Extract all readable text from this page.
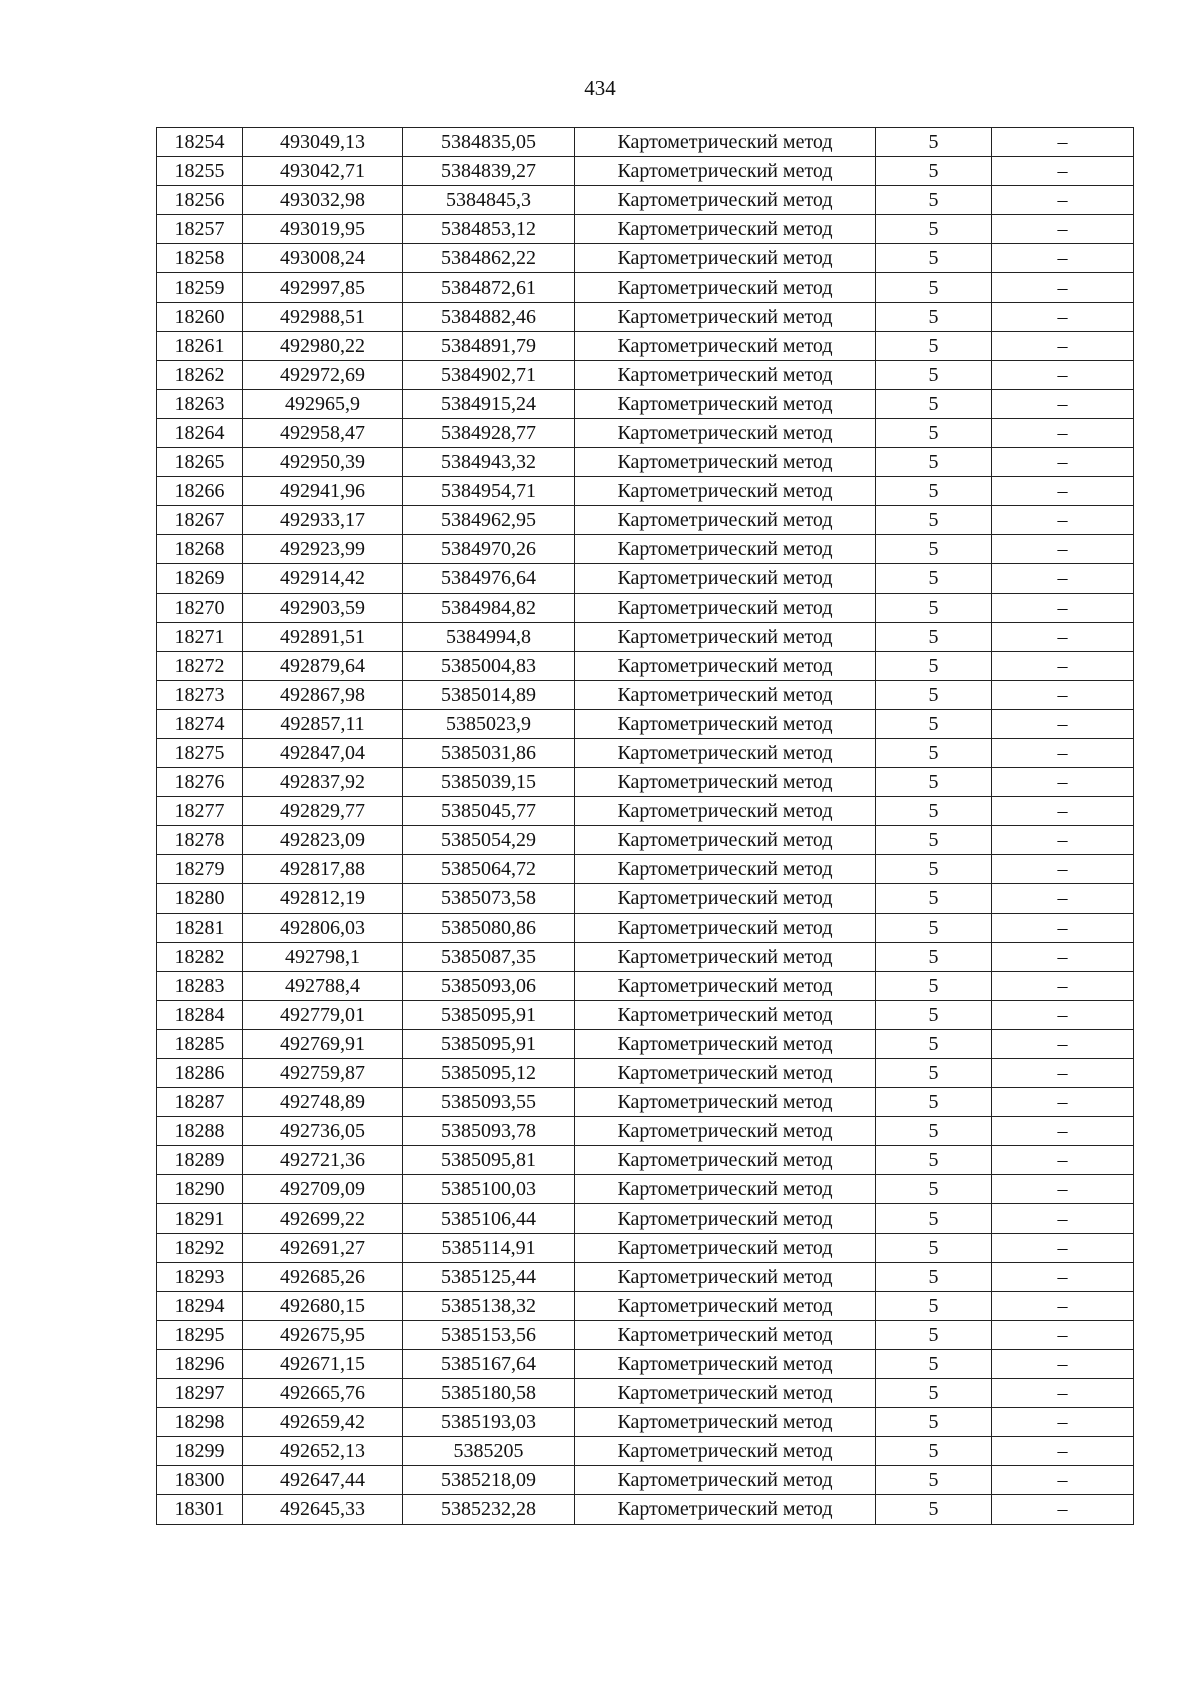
434
18254	493049,13	5384835,05	Картометрический метод	5	–
18255	493042,71	5384839,27	Картометрический метод	5	–
18256	493032,98	5384845,3	Картометрический метод	5	–
18257	493019,95	5384853,12	Картометрический метод	5	–
18258	493008,24	5384862,22	Картометрический метод	5	–
18259	492997,85	5384872,61	Картометрический метод	5	–
18260	492988,51	5384882,46	Картометрический метод	5	–
18261	492980,22	5384891,79	Картометрический метод	5	–
18262	492972,69	5384902,71	Картометрический метод	5	–
18263	492965,9	5384915,24	Картометрический метод	5	–
18264	492958,47	5384928,77	Картометрический метод	5	–
18265	492950,39	5384943,32	Картометрический метод	5	–
18266	492941,96	5384954,71	Картометрический метод	5	–
18267	492933,17	5384962,95	Картометрический метод	5	–
18268	492923,99	5384970,26	Картометрический метод	5	–
18269	492914,42	5384976,64	Картометрический метод	5	–
18270	492903,59	5384984,82	Картометрический метод	5	–
18271	492891,51	5384994,8	Картометрический метод	5	–
18272	492879,64	5385004,83	Картометрический метод	5	–
18273	492867,98	5385014,89	Картометрический метод	5	–
18274	492857,11	5385023,9	Картометрический метод	5	–
18275	492847,04	5385031,86	Картометрический метод	5	–
18276	492837,92	5385039,15	Картометрический метод	5	–
18277	492829,77	5385045,77	Картометрический метод	5	–
18278	492823,09	5385054,29	Картометрический метод	5	–
18279	492817,88	5385064,72	Картометрический метод	5	–
18280	492812,19	5385073,58	Картометрический метод	5	–
18281	492806,03	5385080,86	Картометрический метод	5	–
18282	492798,1	5385087,35	Картометрический метод	5	–
18283	492788,4	5385093,06	Картометрический метод	5	–
18284	492779,01	5385095,91	Картометрический метод	5	–
18285	492769,91	5385095,91	Картометрический метод	5	–
18286	492759,87	5385095,12	Картометрический метод	5	–
18287	492748,89	5385093,55	Картометрический метод	5	–
18288	492736,05	5385093,78	Картометрический метод	5	–
18289	492721,36	5385095,81	Картометрический метод	5	–
18290	492709,09	5385100,03	Картометрический метод	5	–
18291	492699,22	5385106,44	Картометрический метод	5	–
18292	492691,27	5385114,91	Картометрический метод	5	–
18293	492685,26	5385125,44	Картометрический метод	5	–
18294	492680,15	5385138,32	Картометрический метод	5	–
18295	492675,95	5385153,56	Картометрический метод	5	–
18296	492671,15	5385167,64	Картометрический метод	5	–
18297	492665,76	5385180,58	Картометрический метод	5	–
18298	492659,42	5385193,03	Картометрический метод	5	–
18299	492652,13	5385205	Картометрический метод	5	–
18300	492647,44	5385218,09	Картометрический метод	5	–
18301	492645,33	5385232,28	Картометрический метод	5	–
